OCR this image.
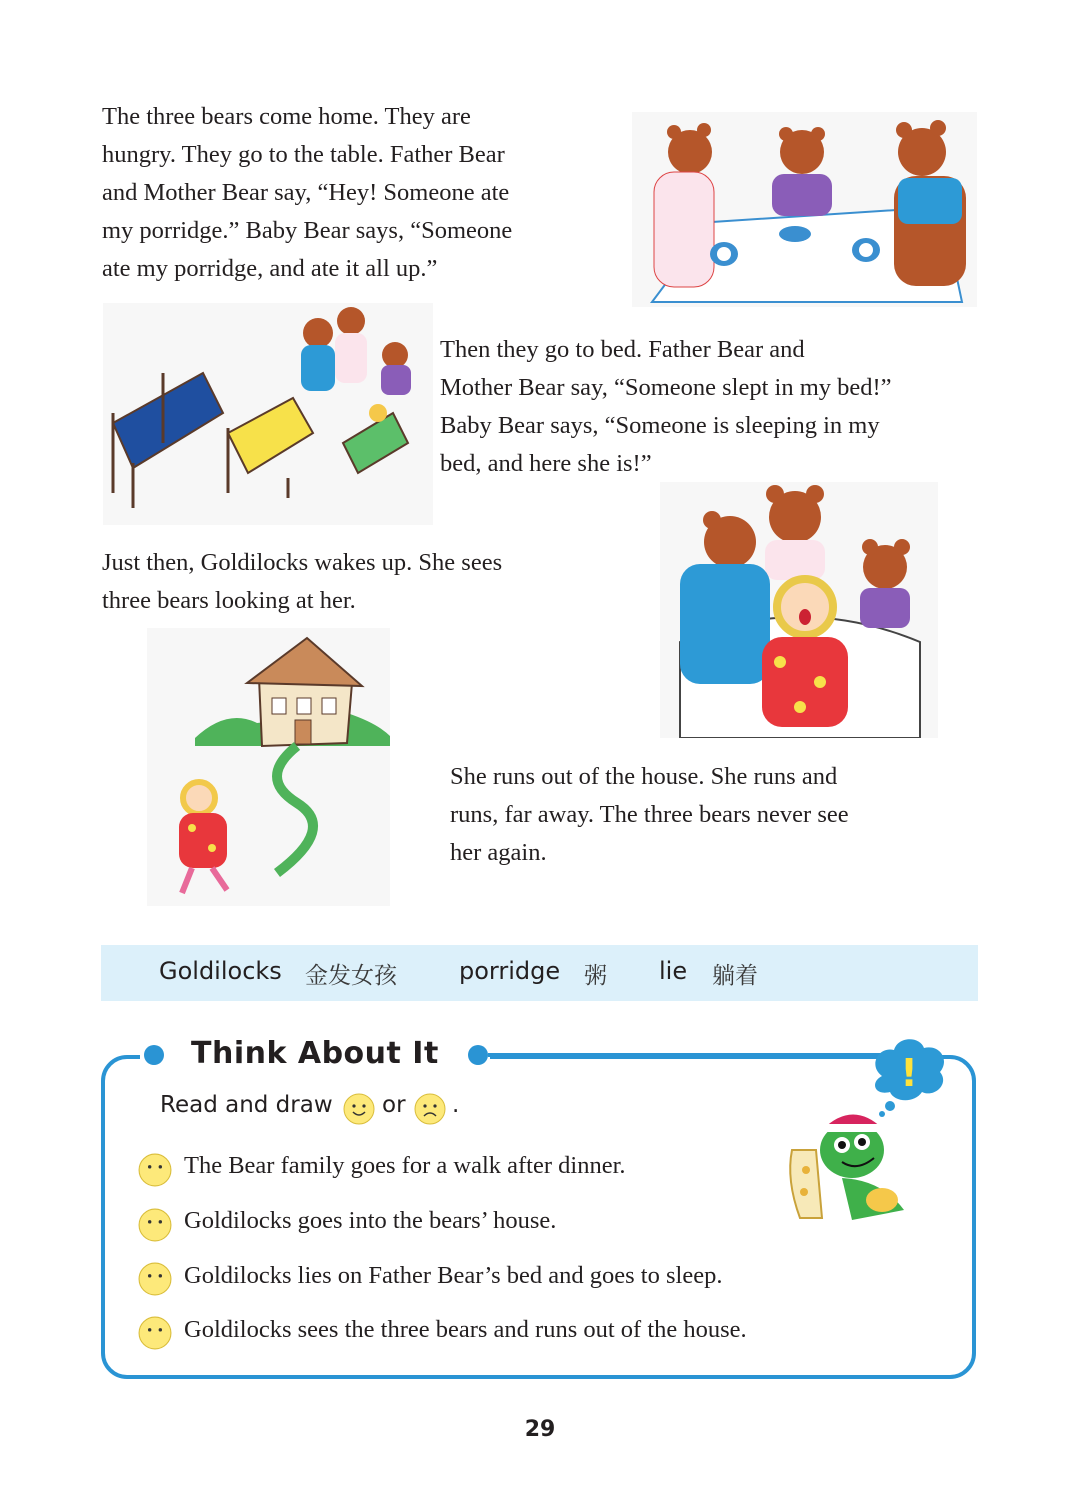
The three bears come home. They are
hungry. They go to the table. Father Bear
and Mother Bear say, “Hey! Someone ate
my porridge.” Baby Bear says, “Someone
ate my porridge, and ate it all up.”
Then they go to bed. Father Bear and
Mother Bear say, “Someone slept in my bed!”
Baby Bear says, “Someone is sleeping in my
bed, and here she is!”
Just then, Goldilocks wakes up. She sees
three bears looking at her.
She runs out of the house. She runs and
runs, far away. The three bears never see
her again.
Goldilocks 金发女孩	porridge 粥 lie 躺着
Think About It	!
Read and draw or .
The Bear family goes for a walk after dinner.
Goldilocks goes into the bears’ house.
Goldilocks lies on Father Bear’s bed and goes to sleep.
Goldilocks sees the three bears and runs out of the house.
29
